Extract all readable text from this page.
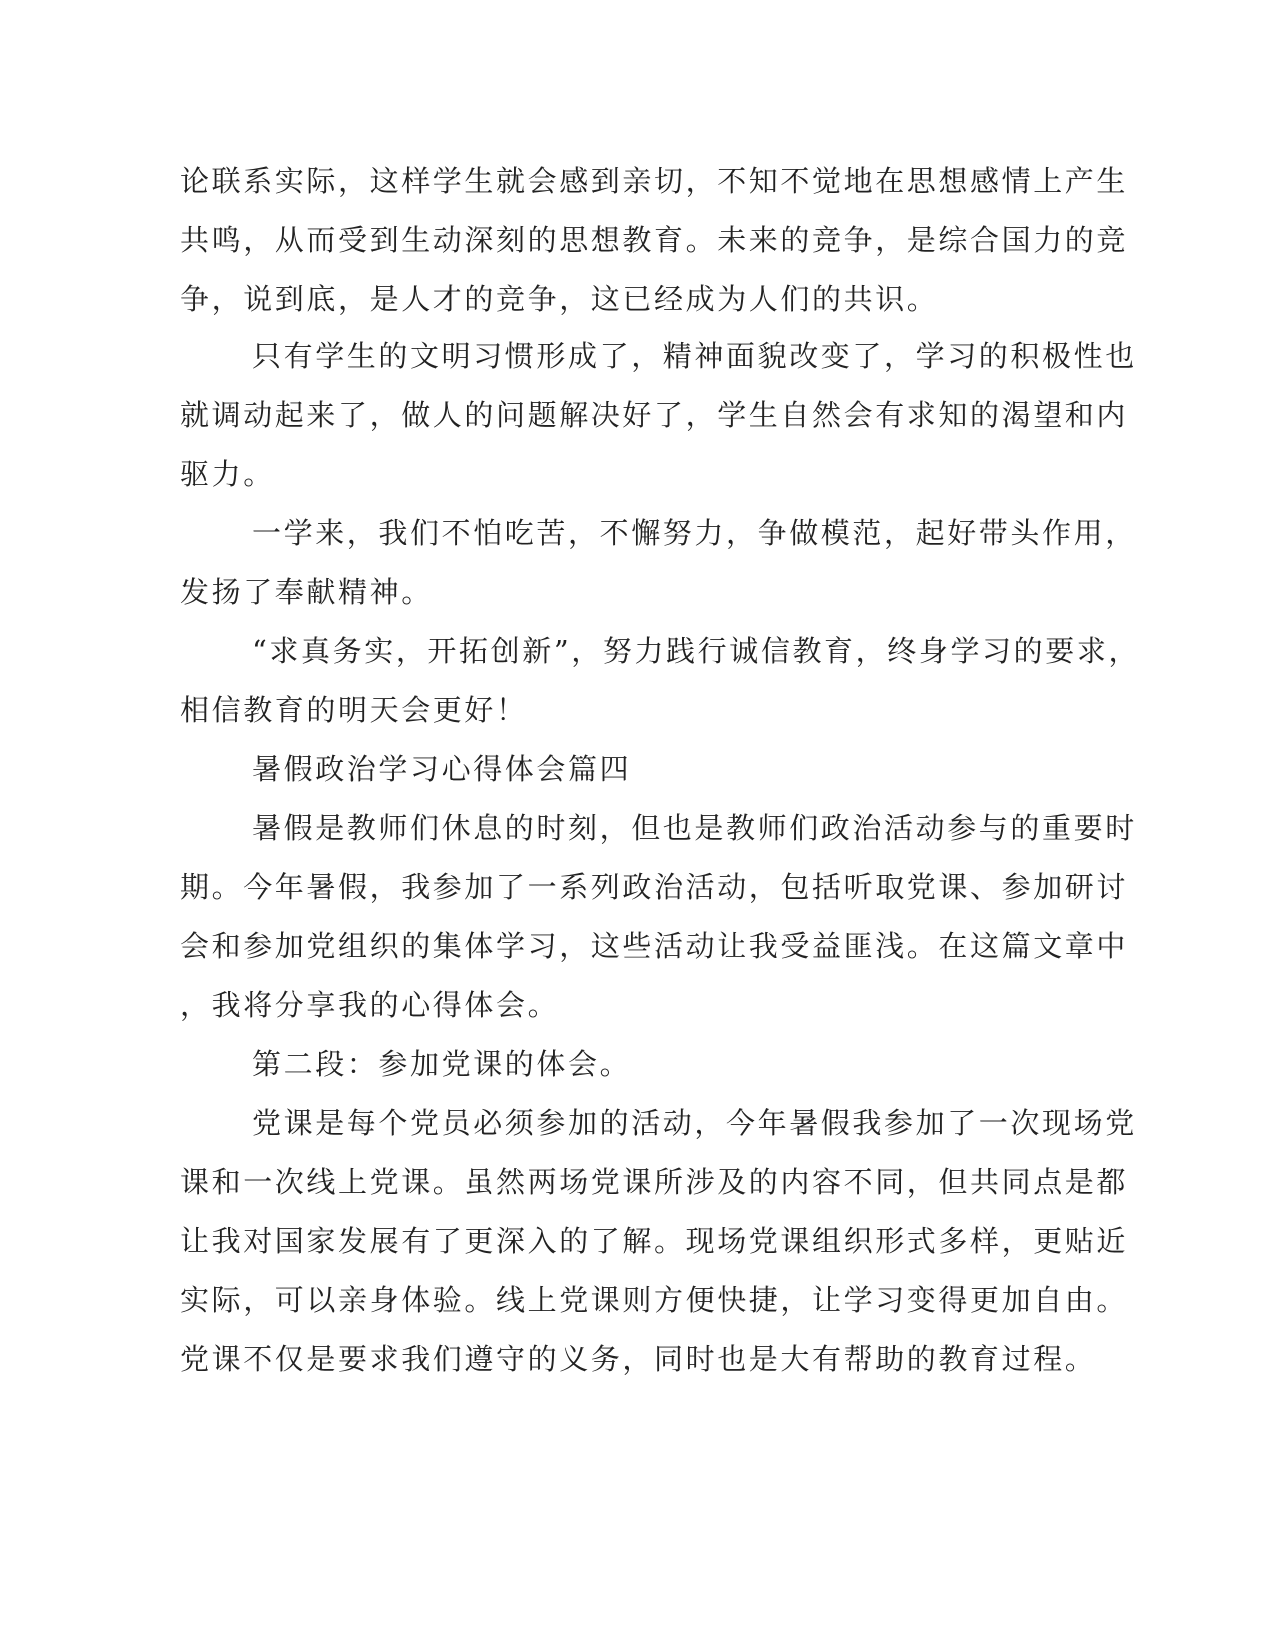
论联系实际，这样学生就会感到亲切，不知不觉地在思想感情上产生
共鸣，从而受到生动深刻的思想教育。未来的竞争，是综合国力的竞
争，说到底，是人才的竞争，这已经成为人们的共识。
只有学生的文明习惯形成了，精神面貌改变了，学习的积极性也
就调动起来了，做人的问题解决好了，学生自然会有求知的渴望和内
驱力。
一学来，我们不怕吃苦，不懈努力，争做模范，起好带头作用，
发扬了奉献精神。
“求真务实，开拓创新”，努力践行诚信教育，终身学习的要求，
相信教育的明天会更好！
暑假政治学习心得体会篇四
暑假是教师们休息的时刻，但也是教师们政治活动参与的重要时
期。今年暑假，我参加了一系列政治活动，包括听取党课、参加研讨
会和参加党组织的集体学习，这些活动让我受益匪浅。在这篇文章中
，我将分享我的心得体会。
第二段：参加党课的体会。
党课是每个党员必须参加的活动，今年暑假我参加了一次现场党
课和一次线上党课。虽然两场党课所涉及的内容不同，但共同点是都
让我对国家发展有了更深入的了解。现场党课组织形式多样，更贴近
实际，可以亲身体验。线上党课则方便快捷，让学习变得更加自由。
党课不仅是要求我们遵守的义务，同时也是大有帮助的教育过程。
